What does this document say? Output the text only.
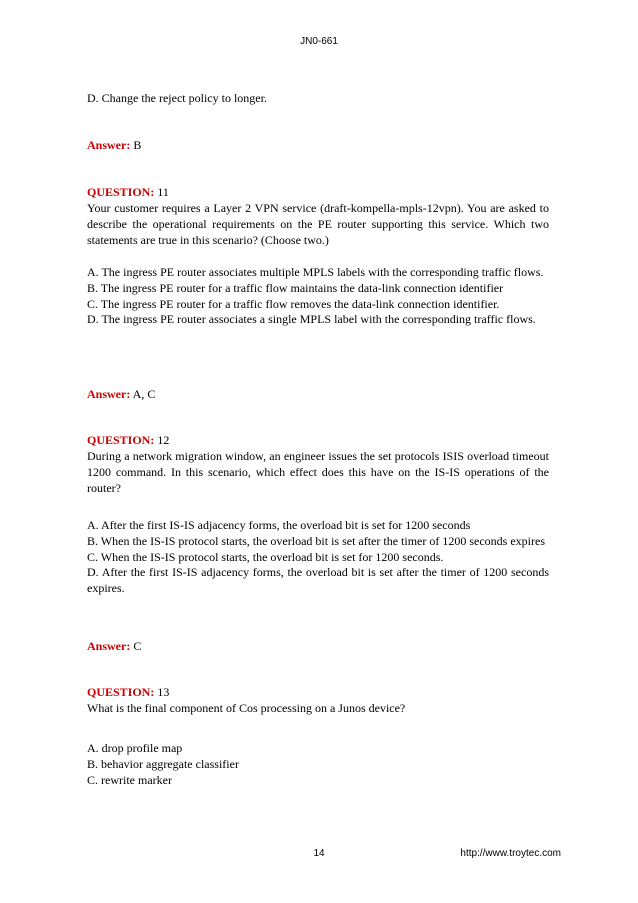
JN0-661
D. Change the reject policy to longer.
Answer: B
QUESTION: 11
Your customer requires a Layer 2 VPN service (draft-kompella-mpls-12vpn). You are asked to describe the operational requirements on the PE router supporting this service. Which two statements are true in this scenario? (Choose two.)

A. The ingress PE router associates multiple MPLS labels with the corresponding traffic flows.

B. The ingress PE router for a traffic flow maintains the data-link connection identifier

C. The ingress PE router for a traffic flow removes the data-link connection identifier.

D. The ingress PE router associates a single MPLS label with the corresponding traffic flows.

Answer: A, C
QUESTION: 12
During a network migration window, an engineer issues the set protocols ISIS overload timeout 1200 command. In this scenario, which effect does this have on the IS-IS operations of the router?

A. After the first IS-IS adjacency forms, the overload bit is set for 1200 seconds

B. When the IS-IS protocol starts, the overload bit is set after the timer of 1200 seconds expires

C. When the IS-IS protocol starts, the overload bit is set for 1200 seconds.

D. After the first IS-IS adjacency forms, the overload bit is set after the timer of 1200 seconds expires.

Answer: C
QUESTION: 13
What is the final component of Cos processing on a Junos device?

A. drop profile map

B. behavior aggregate classifier

C. rewrite marker

14	http://www.troytec.com
